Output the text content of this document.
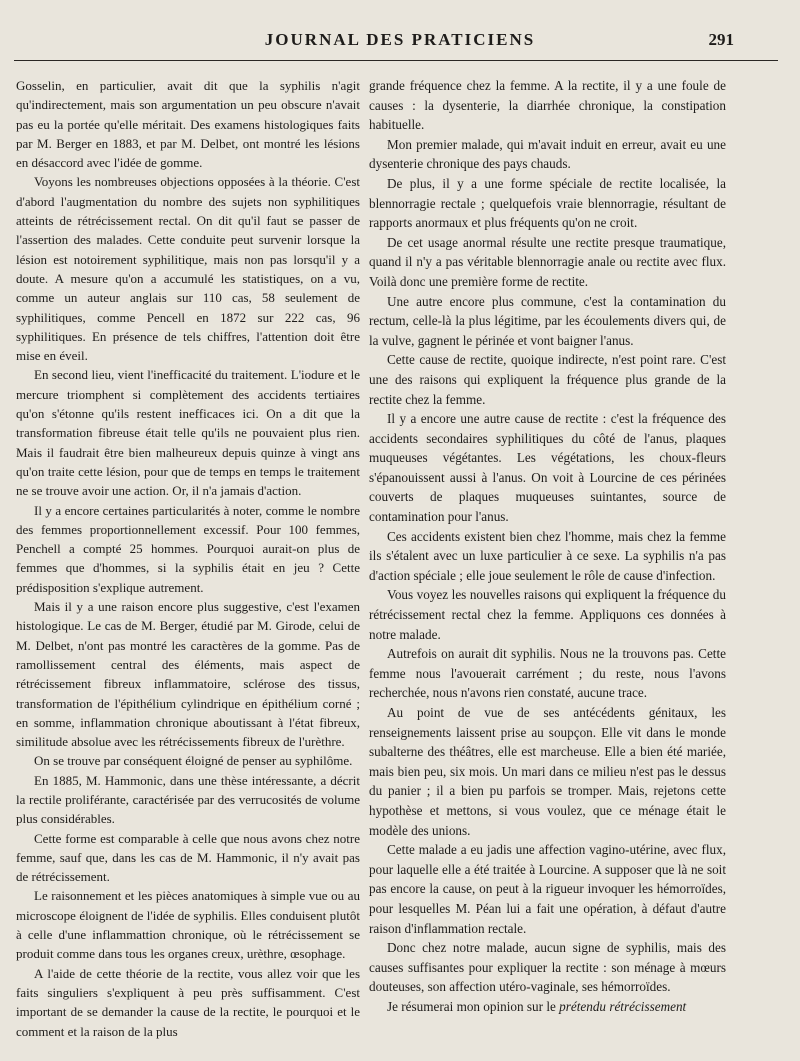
JOURNAL DES PRATICIENS	291

Gosselin, en particulier, avait dit que la syphilis n'agit qu'indirectement, mais son argumentation un peu obscure n'avait pas eu la portée qu'elle méritait. Des examens histologiques faits par M. Berger en 1883, et par M. Delbet, ont montré les lésions en désaccord avec l'idée de gomme.

Voyons les nombreuses objections opposées à la théorie. C'est d'abord l'augmentation du nombre des sujets non syphilitiques atteints de rétrécissement rectal. On dit qu'il faut se passer de l'assertion des malades. Cette conduite peut survenir lorsque la lésion est notoirement syphilitique, mais non pas lorsqu'il y a doute. A mesure qu'on a accumulé les statistiques, on a vu, comme un auteur anglais sur 110 cas, 58 seulement de syphilitiques, comme Pencell en 1872 sur 222 cas, 96 syphilitiques. En présence de tels chiffres, l'attention doit être mise en éveil.

En second lieu, vient l'inefficacité du traitement. L'iodure et le mercure triomphent si complètement des accidents tertiaires qu'on s'étonne qu'ils restent inefficaces ici. On a dit que la transformation fibreuse était telle qu'ils ne pouvaient plus rien. Mais il faudrait être bien malheureux depuis quinze à vingt ans qu'on traite cette lésion, pour que de temps en temps le traitement ne se trouve avoir une action. Or, il n'a jamais d'action.

Il y a encore certaines particularités à noter, comme le nombre des femmes proportionnellement excessif. Pour 100 femmes, Penchell a compté 25 hommes. Pourquoi aurait-on plus de femmes que d'hommes, si la syphilis était en jeu ? Cette prédisposition s'explique autrement.

Mais il y a une raison encore plus suggestive, c'est l'examen histologique. Le cas de M. Berger, étudié par M. Girode, celui de M. Delbet, n'ont pas montré les caractères de la gomme. Pas de ramollissement central des éléments, mais aspect de rétrécissement fibreux inflammatoire, sclérose des tissus, transformation de l'épithélium cylindrique en épithélium corné ; en somme, inflammation chronique aboutissant à l'état fibreux, similitude absolue avec les rétrécissements fibreux de l'urèthre.

On se trouve par conséquent éloigné de penser au syphilôme.

En 1885, M. Hammonic, dans une thèse intéressante, a décrit la rectile proliférante, caractérisée par des verrucosités de volume plus considérables.

Cette forme est comparable à celle que nous avons chez notre femme, sauf que, dans les cas de M. Hammonic, il n'y avait pas de rétrécissement.

Le raisonnement et les pièces anatomiques à simple vue ou au microscope éloignent de l'idée de syphilis. Elles conduisent plutôt à celle d'une inflammattion chronique, où le rétrécissement se produit comme dans tous les organes creux, urèthre, œsophage.

A l'aide de cette théorie de la rectite, vous allez voir que les faits singuliers s'expliquent à peu près suffisamment. C'est important de se demander la cause de la rectite, le pourquoi et le comment et la raison de la plus

grande fréquence chez la femme. A la rectite, il y a une foule de causes : la dysenterie, la diarrhée chronique, la constipation habituelle.

Mon premier malade, qui m'avait induit en erreur, avait eu une dysenterie chronique des pays chauds.

De plus, il y a une forme spéciale de rectite localisée, la blennorragie rectale ; quelquefois vraie blennorragie, résultant de rapports anormaux et plus fréquents qu'on ne croit.

De cet usage anormal résulte une rectite presque traumatique, quand il n'y a pas véritable blennorragie anale ou rectite avec flux. Voilà donc une première forme de rectite.

Une autre encore plus commune, c'est la contamination du rectum, celle-là la plus légitime, par les écoulements divers qui, de la vulve, gagnent le périnée et vont baigner l'anus.

Cette cause de rectite, quoique indirecte, n'est point rare. C'est une des raisons qui expliquent la fréquence plus grande de la rectite chez la femme.

Il y a encore une autre cause de rectite : c'est la fréquence des accidents secondaires syphilitiques du côté de l'anus, plaques muqueuses végétantes. Les végétations, les choux-fleurs s'épanouissent aussi à l'anus. On voit à Lourcine de ces périnées couverts de plaques muqueuses suintantes, source de contamination pour l'anus.

Ces accidents existent bien chez l'homme, mais chez la femme ils s'étalent avec un luxe particulier à ce sexe. La syphilis n'a pas d'action spéciale ; elle joue seulement le rôle de cause d'infection.

Vous voyez les nouvelles raisons qui expliquent la fréquence du rétrécissement rectal chez la femme. Appliquons ces données à notre malade.

Autrefois on aurait dit syphilis. Nous ne la trouvons pas. Cette femme nous l'avouerait carrément ; du reste, nous l'avons recherchée, nous n'avons rien constaté, aucune trace.

Au point de vue de ses antécédents génitaux, les renseignements laissent prise au soupçon. Elle vit dans le monde subalterne des théâtres, elle est marcheuse. Elle a bien été mariée, mais bien peu, six mois. Un mari dans ce milieu n'est pas le dessus du panier ; il a bien pu parfois se tromper. Mais, rejetons cette hypothèse et mettons, si vous voulez, que ce ménage était le modèle des unions.

Cette malade a eu jadis une affection vagino-utérine, avec flux, pour laquelle elle a été traitée à Lourcine. A supposer que là ne soit pas encore la cause, on peut à la rigueur invoquer les hémorroïdes, pour lesquelles M. Péan lui a fait une opération, à défaut d'autre raison d'inflammation rectale.

Donc chez notre malade, aucun signe de syphilis, mais des causes suffisantes pour expliquer la rectite : son ménage à mœurs douteuses, son affection utéro-vaginale, ses hémorroïdes.

Je résumerai mon opinion sur le prétendu rétrécissement
